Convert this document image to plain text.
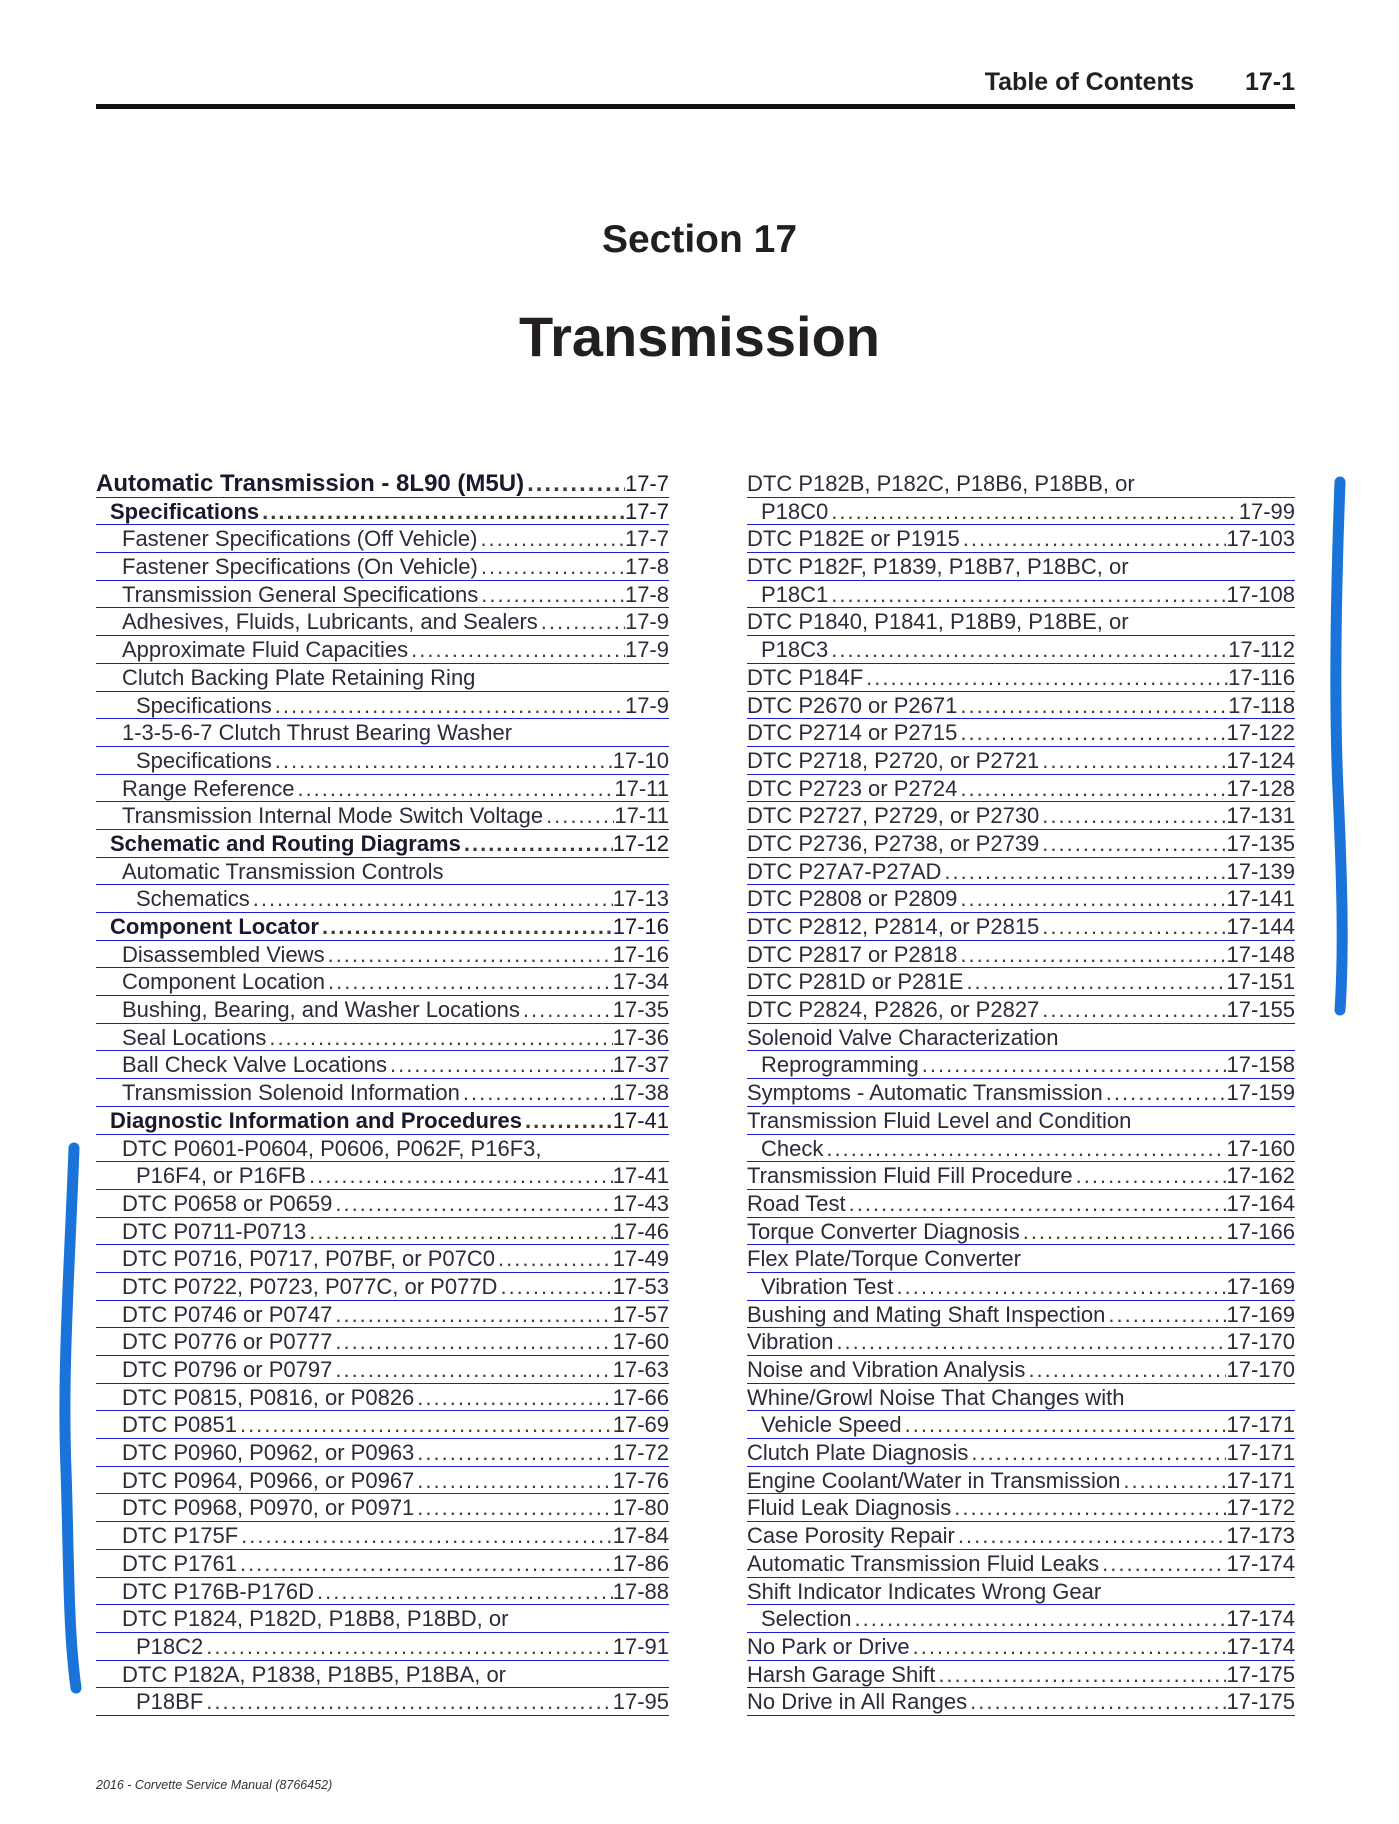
Table of Contents 17-1
Section 17
Transmission
Automatic Transmission - 8L90 (M5U) .....	17-7
Specifications .....	17-7
Fastener Specifications (Off Vehicle) .....	17-7
Fastener Specifications (On Vehicle) .....	17-8
Transmission General Specifications .....	17-8
Adhesives, Fluids, Lubricants, and Sealers .....	17-9
Approximate Fluid Capacities .....	17-9
Clutch Backing Plate Retaining Ring
Specifications .....	17-9
1-3-5-6-7 Clutch Thrust Bearing Washer
Specifications .....	17-10
Range Reference .....	17-11
Transmission Internal Mode Switch Voltage .....	17-11
Schematic and Routing Diagrams .....	17-12
Automatic Transmission Controls
Schematics .....	17-13
Component Locator .....	17-16
Disassembled Views .....	17-16
Component Location .....	17-34
Bushing, Bearing, and Washer Locations .....	17-35
Seal Locations .....	17-36
Ball Check Valve Locations .....	17-37
Transmission Solenoid Information .....	17-38
Diagnostic Information and Procedures .....	17-41
DTC P0601-P0604, P0606, P062F, P16F3,
P16F4, or P16FB .....	17-41
DTC P0658 or P0659 .....	17-43
DTC P0711-P0713 .....	17-46
DTC P0716, P0717, P07BF, or P07C0 .....	17-49
DTC P0722, P0723, P077C, or P077D .....	17-53
DTC P0746 or P0747 .....	17-57
DTC P0776 or P0777 .....	17-60
DTC P0796 or P0797 .....	17-63
DTC P0815, P0816, or P0826 .....	17-66
DTC P0851 .....	17-69
DTC P0960, P0962, or P0963 .....	17-72
DTC P0964, P0966, or P0967 .....	17-76
DTC P0968, P0970, or P0971 .....	17-80
DTC P175F .....	17-84
DTC P1761 .....	17-86
DTC P176B-P176D .....	17-88
DTC P1824, P182D, P18B8, P18BD, or
P18C2 .....	17-91
DTC P182A, P1838, P18B5, P18BA, or
P18BF .....	17-95
DTC P182B, P182C, P18B6, P18BB, or
P18C0 .....	17-99
DTC P182E or P1915 .....	17-103
DTC P182F, P1839, P18B7, P18BC, or
P18C1 .....	17-108
DTC P1840, P1841, P18B9, P18BE, or
P18C3 .....	17-112
DTC P184F .....	17-116
DTC P2670 or P2671 .....	17-118
DTC P2714 or P2715 .....	17-122
DTC P2718, P2720, or P2721 .....	17-124
DTC P2723 or P2724 .....	17-128
DTC P2727, P2729, or P2730 .....	17-131
DTC P2736, P2738, or P2739 .....	17-135
DTC P27A7-P27AD .....	17-139
DTC P2808 or P2809 .....	17-141
DTC P2812, P2814, or P2815 .....	17-144
DTC P2817 or P2818 .....	17-148
DTC P281D or P281E .....	17-151
DTC P2824, P2826, or P2827 .....	17-155
Solenoid Valve Characterization
Reprogramming .....	17-158
Symptoms - Automatic Transmission .....	17-159
Transmission Fluid Level and Condition
Check .....	17-160
Transmission Fluid Fill Procedure .....	17-162
Road Test .....	17-164
Torque Converter Diagnosis .....	17-166
Flex Plate/Torque Converter
Vibration Test .....	17-169
Bushing and Mating Shaft Inspection .....	17-169
Vibration .....	17-170
Noise and Vibration Analysis .....	17-170
Whine/Growl Noise That Changes with
Vehicle Speed .....	17-171
Clutch Plate Diagnosis .....	17-171
Engine Coolant/Water in Transmission .....	17-171
Fluid Leak Diagnosis .....	17-172
Case Porosity Repair .....	17-173
Automatic Transmission Fluid Leaks .....	17-174
Shift Indicator Indicates Wrong Gear
Selection .....	17-174
No Park or Drive .....	17-174
Harsh Garage Shift .....	17-175
No Drive in All Ranges .....	17-175
2016 - Corvette Service Manual (8766452)
